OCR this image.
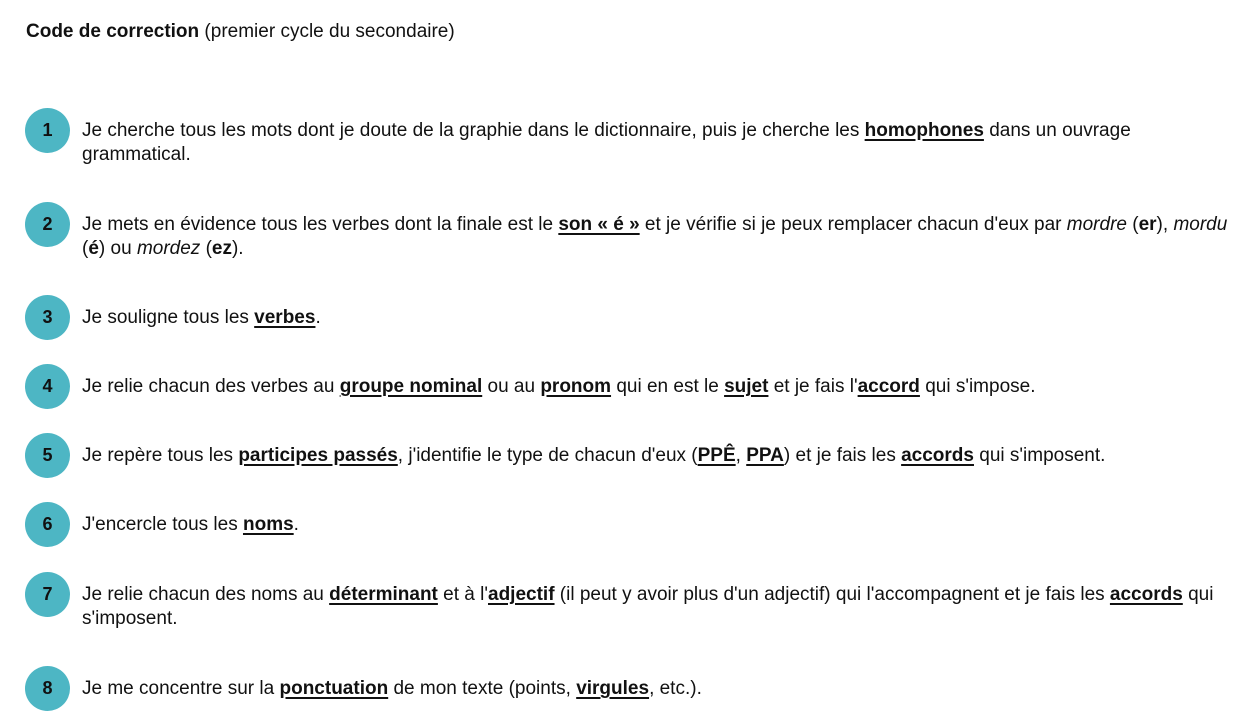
Code de correction (premier cycle du secondaire)
1	Je cherche tous les mots dont je doute de la graphie dans le dictionnaire, puis je cherche les homophones dans un ouvrage grammatical.
2	Je mets en évidence tous les verbes dont la finale est le son « é » et je vérifie si je peux remplacer chacun d'eux par mordre (er), mordu (é) ou mordez (ez).
3	Je souligne tous les verbes.
4	Je relie chacun des verbes au groupe nominal ou au pronom qui en est le sujet et je fais l'accord qui s'impose.
5	Je repère tous les participes passés, j'identifie le type de chacun d'eux (PPÊ, PPA) et je fais les accords qui s'imposent.
6	J'encercle tous les noms.
7	Je relie chacun des noms au déterminant et à l'adjectif (il peut y avoir plus d'un adjectif) qui l'accompagnent et je fais les accords qui s'imposent.
8	Je me concentre sur la ponctuation de mon texte (points, virgules, etc.).
